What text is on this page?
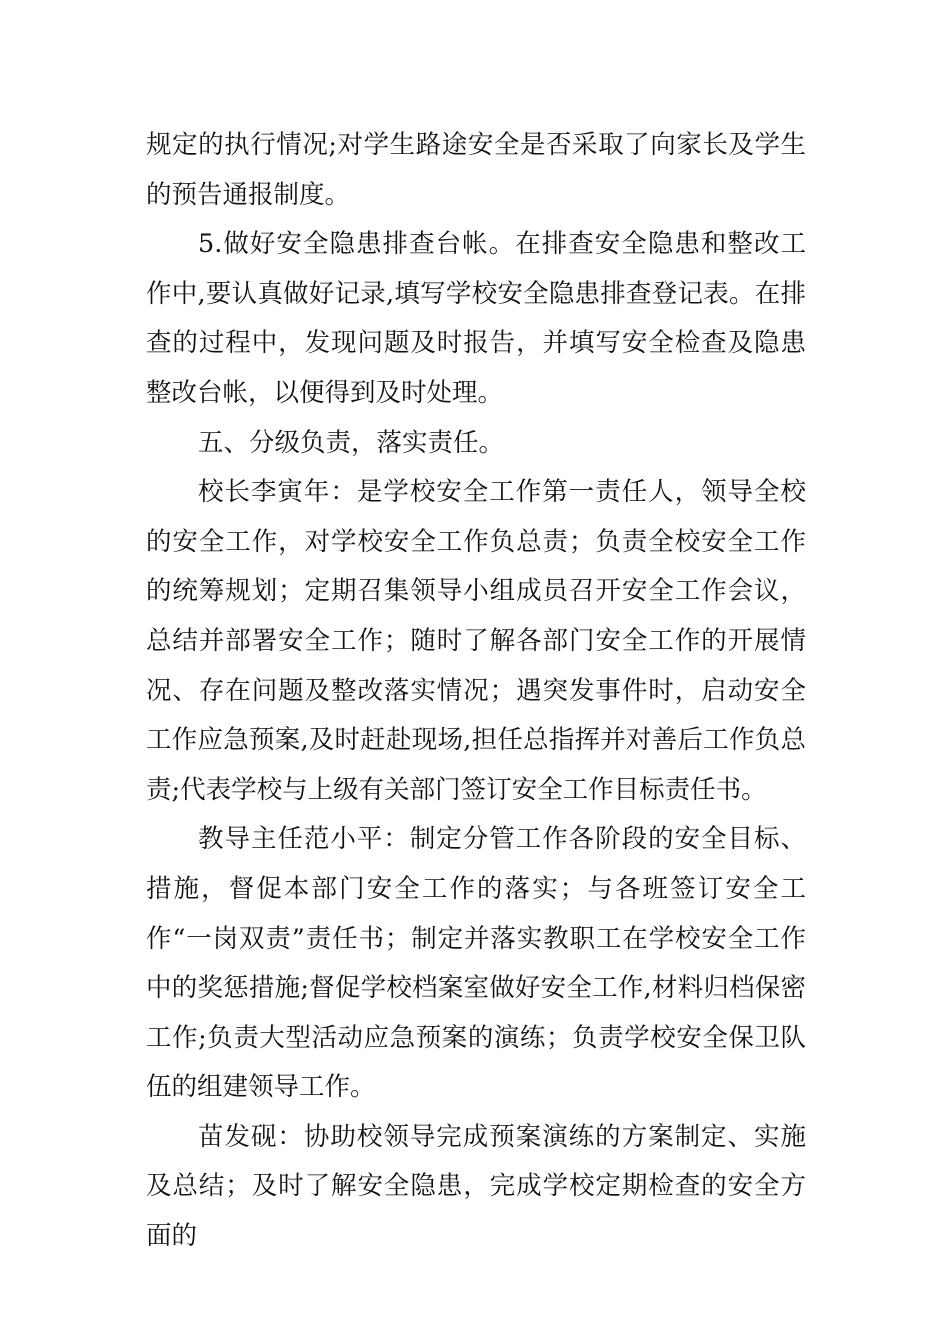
规定的执行情况;对学生路途安全是否采取了向家长及学生的预告通报制度。

5.做好安全隐患排查台帐。在排查安全隐患和整改工作中,要认真做好记录,填写学校安全隐患排查登记表。在排查的过程中，发现问题及时报告，并填写安全检查及隐患整改台帐，以便得到及时处理。

五、分级负责，落实责任。

校长李寅年：是学校安全工作第一责任人，领导全校的安全工作，对学校安全工作负总责；负责全校安全工作的统筹规划；定期召集领导小组成员召开安全工作会议，总结并部署安全工作；随时了解各部门安全工作的开展情况、存在问题及整改落实情况；遇突发事件时，启动安全工作应急预案,及时赶赴现场,担任总指挥并对善后工作负总责;代表学校与上级有关部门签订安全工作目标责任书。

教导主任范小平：制定分管工作各阶段的安全目标、措施，督促本部门安全工作的落实；与各班签订安全工作“一岗双责”责任书；制定并落实教职工在学校安全工作中的奖惩措施;督促学校档案室做好安全工作,材料归档保密工作;负责大型活动应急预案的演练；负责学校安全保卫队伍的组建领导工作。

苗发砚：协助校领导完成预案演练的方案制定、实施及总结；及时了解安全隐患，完成学校定期检查的安全方面的
